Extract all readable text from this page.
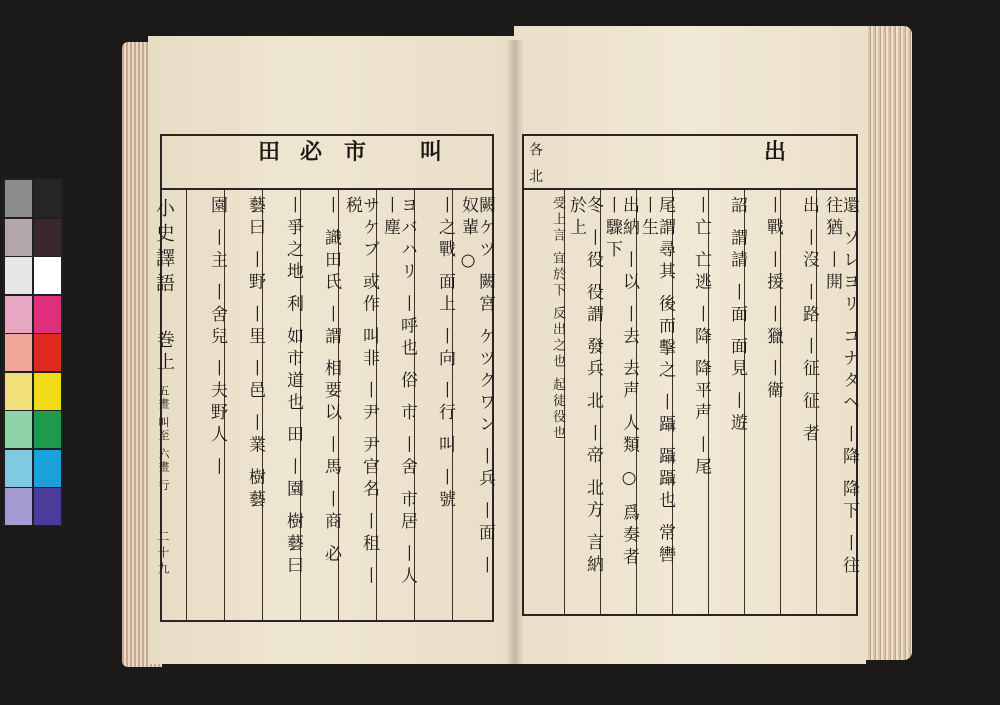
叫
市
必
田
闕ケツ 闕宮 ケツクワン 丨兵 丨面 丨 奴輩 ○
丨之戰 面上 丨向 丨行 叫 丨號
ヨバハリ 丨呼也 俗 市 丨舍 市居 丨人 丨塵
サケブ 或作 叫非 丨尹 尹官名 丨租 丨税
丨 識田氏 丨謂 相要以 丨馬 丨商 必
丨爭之地 利 如市道也 田 丨園 樹藝曰
藝曰 丨野 丨里 丨邑 丨業 樹藝
園 丨主 丨舍兒 丨夫野人 丨
小史譯語
巻上
五畫 叫至 六畫 行
二十九
出
各 北
還 ソレヨリ コナタヘ 丨降 降下 丨往 往猶 丨開
出 丨沒 丨路 丨征 征 者
丨戰 丨援 丨獵 丨衛
詔 謂請 丨面 面見 丨遊
丨亡 亡逃 丨降 降平声 丨尾
尾謂尋其 後而擊之 丨躡 躡躡也 常轡 丨生
出納 丨以 丨去 去声 人類 ○ 爲奏者 丨驟下
冬 丨役 役謂 發兵 北 丨帝 北方 言納於上
受上言 宜於下 反出之也 起徒役也
